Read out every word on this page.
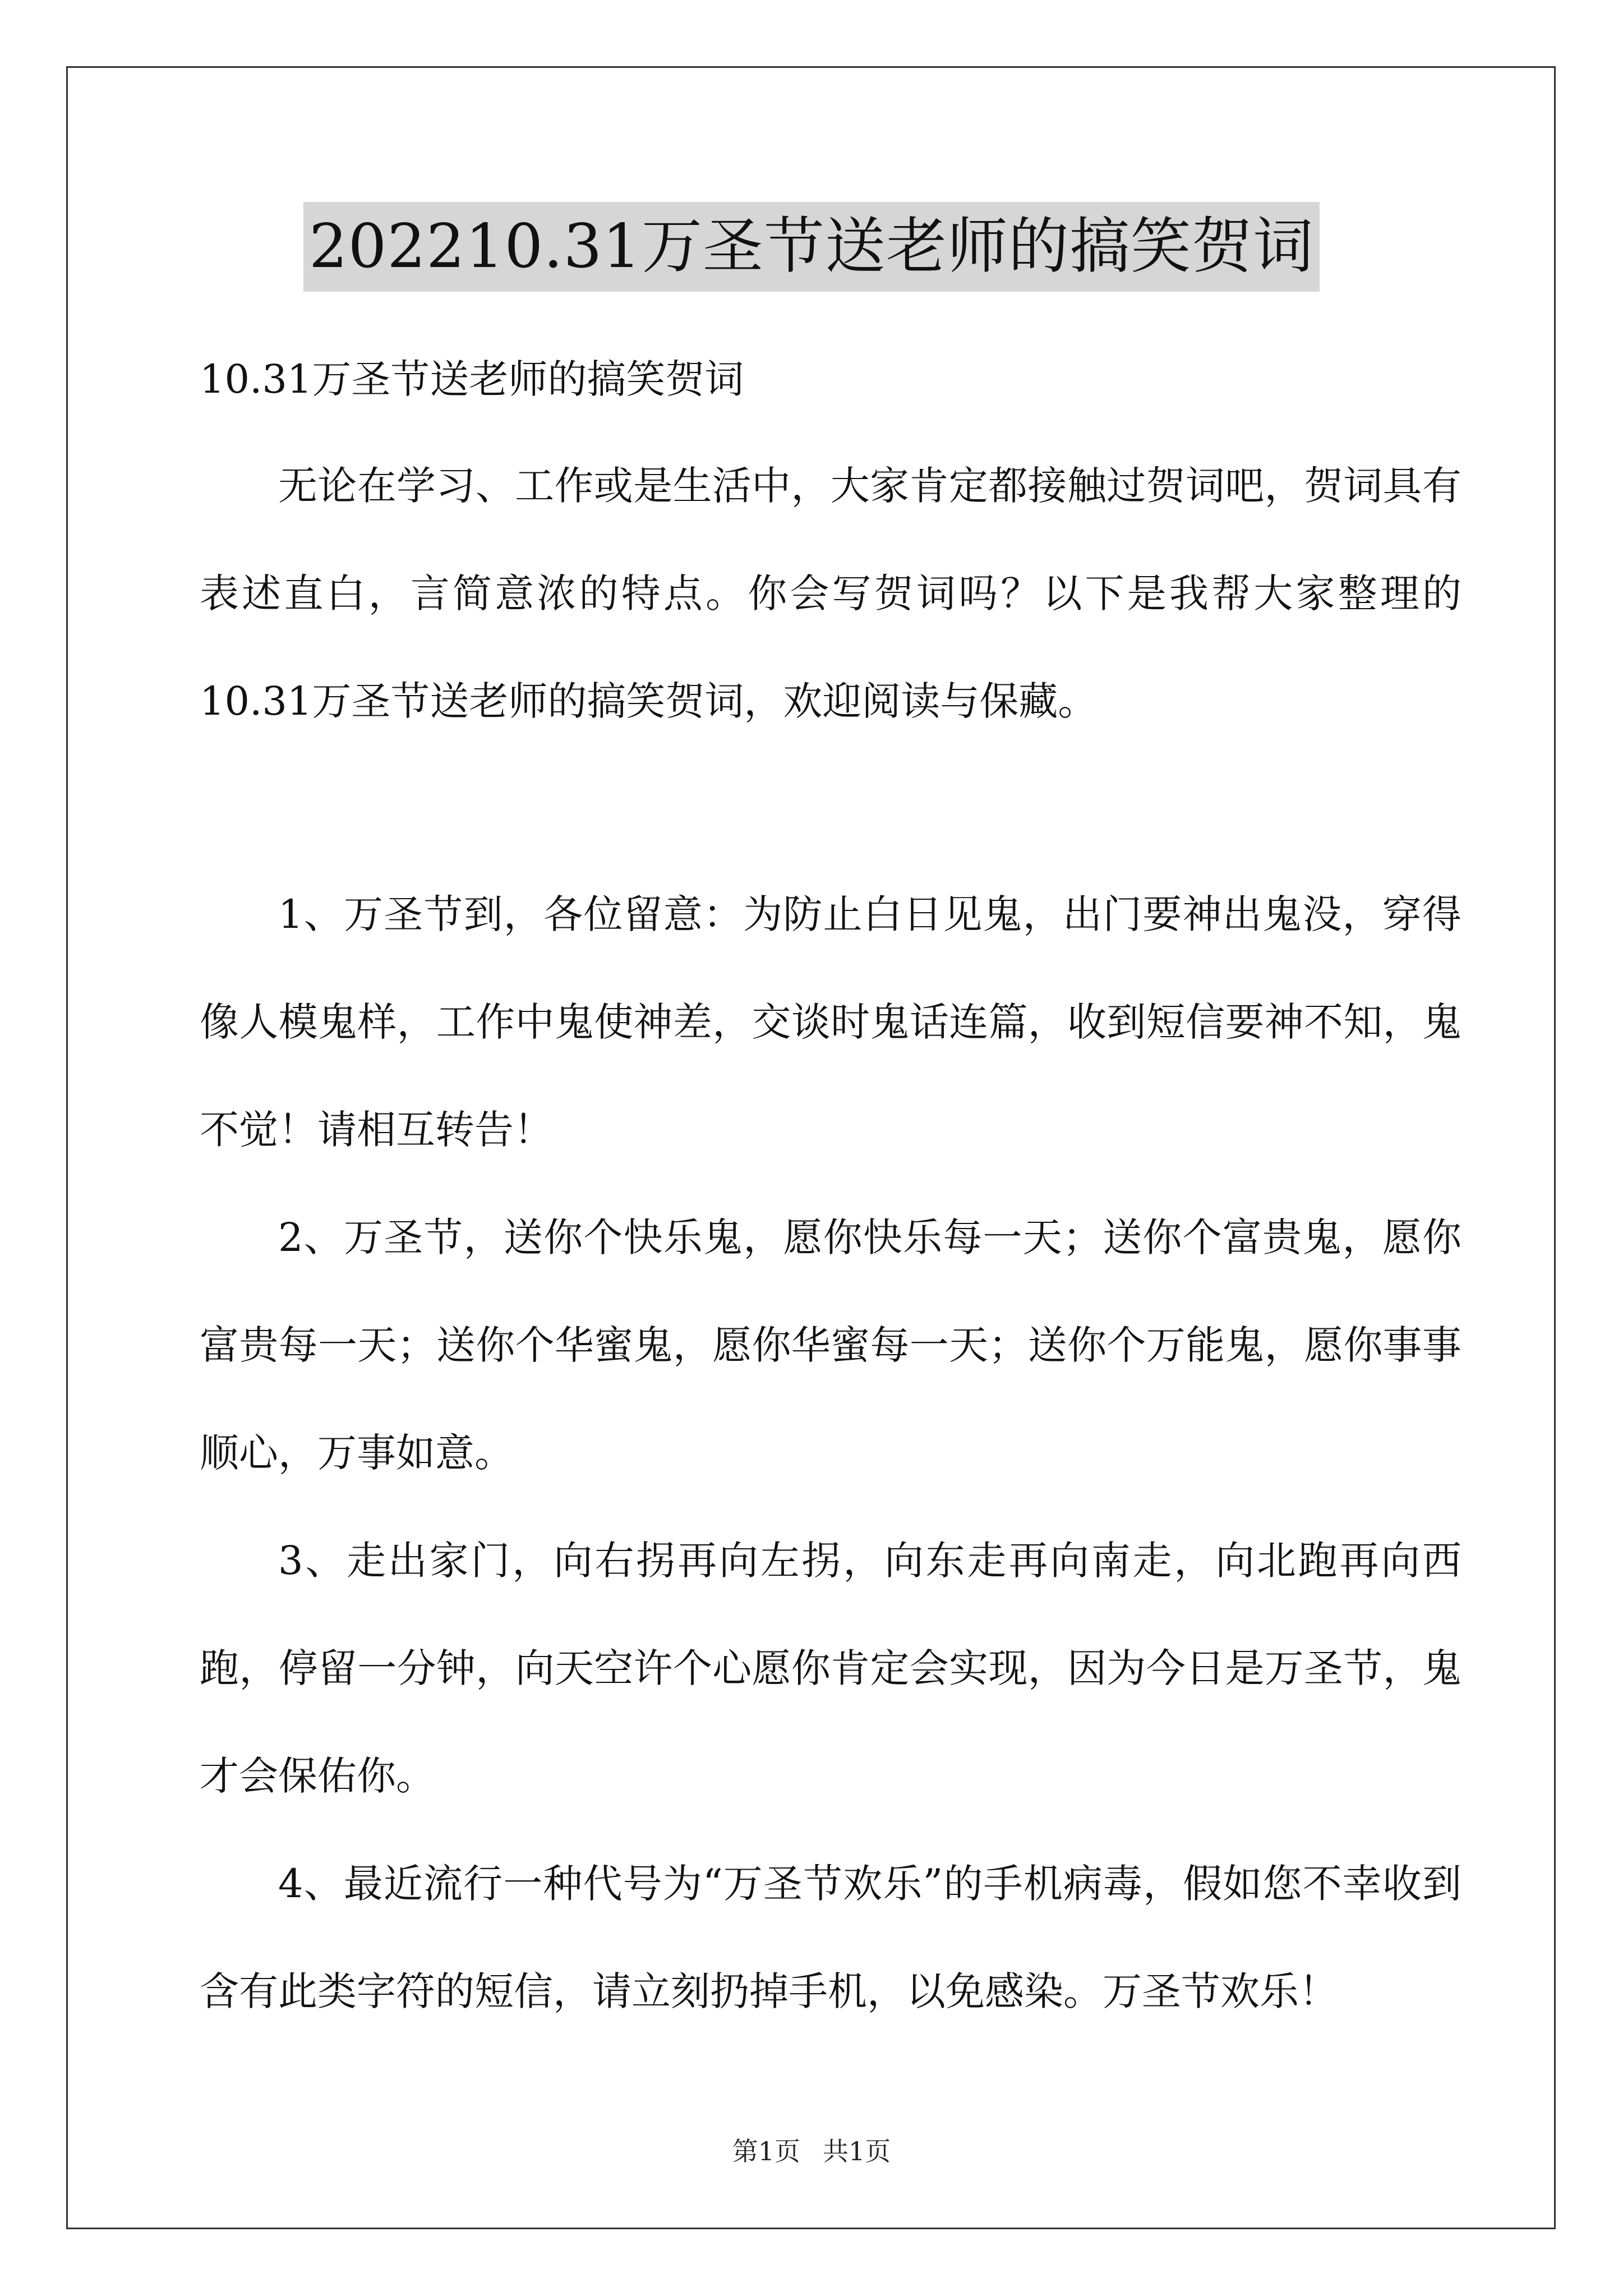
202210.31万圣节送老师的搞笑贺词
10.31万圣节送老师的搞笑贺词

无论在学习、工作或是生活中，大家肯定都接触过贺词吧，贺词具有表述直白，言简意浓的特点。你会写贺词吗？以下是我帮大家整理的10.31万圣节送老师的搞笑贺词，欢迎阅读与保藏。

1、万圣节到，各位留意：为防止白日见鬼，出门要神出鬼没，穿得像人模鬼样，工作中鬼使神差，交谈时鬼话连篇，收到短信要神不知，鬼不觉！请相互转告！

2、万圣节，送你个快乐鬼，愿你快乐每一天；送你个富贵鬼，愿你富贵每一天；送你个华蜜鬼，愿你华蜜每一天；送你个万能鬼，愿你事事顺心，万事如意。

3、走出家门，向右拐再向左拐，向东走再向南走，向北跑再向西跑，停留一分钟，向天空许个心愿你肯定会实现，因为今日是万圣节，鬼才会保佑你。

4、最近流行一种代号为“万圣节欢乐”的手机病毒，假如您不幸收到含有此类字符的短信，请立刻扔掉手机，以免感染。万圣节欢乐！

第1页 共1页
